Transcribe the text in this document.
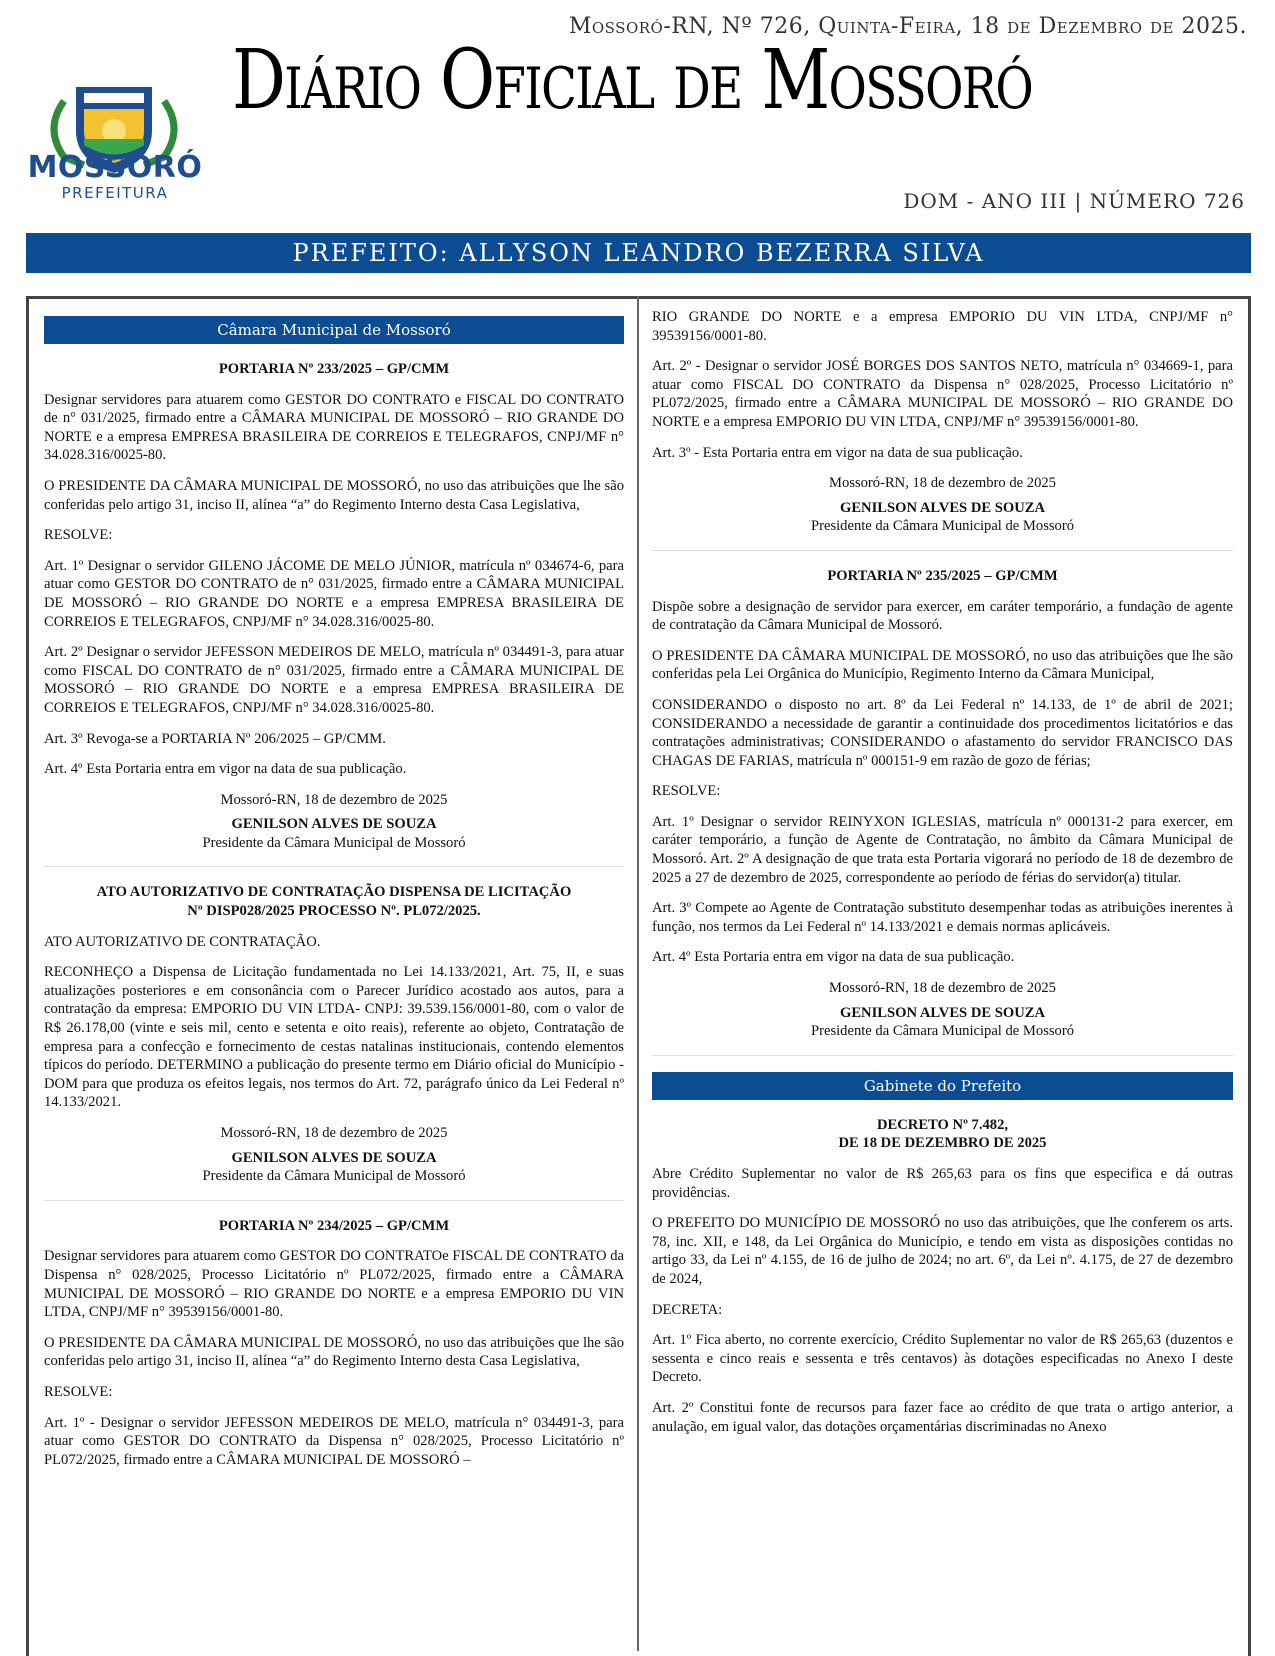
Mossoró-RN, Nº 726, Quinta-Feira, 18 de Dezembro de 2025.
MOSSORÓ
PREFEITURA
Diário Oficial de Mossoró
DOM - ANO III | NÚMERO 726
PREFEITO: ALLYSON LEANDRO BEZERRA SILVA
Câmara Municipal de Mossoró
PORTARIA Nº 233/2025 – GP/CMM
Designar servidores para atuarem como GESTOR DO CONTRATO e FISCAL DO CONTRATO de n° 031/2025, firmado entre a CÂMARA MUNICIPAL DE MOSSORÓ – RIO GRANDE DO NORTE e a empresa EMPRESA BRASILEIRA DE CORREIOS E TELEGRAFOS, CNPJ/MF n° 34.028.316/0025-80.
O PRESIDENTE DA CÂMARA MUNICIPAL DE MOSSORÓ, no uso das atribuições que lhe são conferidas pelo artigo 31, inciso II, alínea “a” do Regimento Interno desta Casa Legislativa,
RESOLVE:
Art. 1º Designar o servidor GILENO JÁCOME DE MELO JÚNIOR, matrícula nº 034674-6, para atuar como GESTOR DO CONTRATO de n° 031/2025, firmado entre a CÂMARA MUNICIPAL DE MOSSORÓ – RIO GRANDE DO NORTE e a empresa EMPRESA BRASILEIRA DE CORREIOS E TELEGRAFOS, CNPJ/MF n° 34.028.316/0025-80.
Art. 2º Designar o servidor JEFESSON MEDEIROS DE MELO, matrícula nº 034491-3, para atuar como FISCAL DO CONTRATO de n° 031/2025, firmado entre a CÂMARA MUNICIPAL DE MOSSORÓ – RIO GRANDE DO NORTE e a empresa EMPRESA BRASILEIRA DE CORREIOS E TELEGRAFOS, CNPJ/MF n° 34.028.316/0025-80.
Art. 3º Revoga-se a PORTARIA Nº 206/2025 – GP/CMM.
Art. 4º Esta Portaria entra em vigor na data de sua publicação.
Mossoró-RN, 18 de dezembro de 2025
GENILSON ALVES DE SOUZA
Presidente da Câmara Municipal de Mossoró
ATO AUTORIZATIVO DE CONTRATAÇÃO DISPENSA DE LICITAÇÃO
Nº DISP028/2025 PROCESSO Nº. PL072/2025.
ATO AUTORIZATIVO DE CONTRATAÇÃO.
RECONHEÇO a Dispensa de Licitação fundamentada no Lei 14.133/2021, Art. 75, II, e suas atualizações posteriores e em consonância com o Parecer Jurídico acostado aos autos, para a contratação da empresa: EMPORIO DU VIN LTDA- CNPJ: 39.539.156/0001-80, com o valor de R$ 26.178,00 (vinte e seis mil, cento e setenta e oito reais), referente ao objeto, Contratação de empresa para a confecção e fornecimento de cestas natalinas institucionais, contendo elementos típicos do período. DETERMINO a publicação do presente termo em Diário oficial do Município - DOM para que produza os efeitos legais, nos termos do Art. 72, parágrafo único da Lei Federal nº 14.133/2021.
Mossoró-RN, 18 de dezembro de 2025
GENILSON ALVES DE SOUZA
Presidente da Câmara Municipal de Mossoró
PORTARIA Nº 234/2025 – GP/CMM
Designar servidores para atuarem como GESTOR DO CONTRATOe FISCAL DE CONTRATO da Dispensa n° 028/2025, Processo Licitatório nº PL072/2025, firmado entre a CÂMARA MUNICIPAL DE MOSSORÓ – RIO GRANDE DO NORTE e a empresa EMPORIO DU VIN LTDA, CNPJ/MF n° 39539156/0001-80.
O PRESIDENTE DA CÂMARA MUNICIPAL DE MOSSORÓ, no uso das atribuições que lhe são conferidas pelo artigo 31, inciso II, alínea “a” do Regimento Interno desta Casa Legislativa,
RESOLVE:
Art. 1º - Designar o servidor JEFESSON MEDEIROS DE MELO, matrícula n° 034491-3, para atuar como GESTOR DO CONTRATO da Dispensa n° 028/2025, Processo Licitatório nº PL072/2025, firmado entre a CÂMARA MUNICIPAL DE MOSSORÓ –
RIO GRANDE DO NORTE e a empresa EMPORIO DU VIN LTDA, CNPJ/MF n° 39539156/0001-80.
Art. 2º - Designar o servidor JOSÉ BORGES DOS SANTOS NETO, matrícula n° 034669-1, para atuar como FISCAL DO CONTRATO da Dispensa n° 028/2025, Processo Licitatório nº PL072/2025, firmado entre a CÂMARA MUNICIPAL DE MOSSORÓ – RIO GRANDE DO NORTE e a empresa EMPORIO DU VIN LTDA, CNPJ/MF n° 39539156/0001-80.
Art. 3º - Esta Portaria entra em vigor na data de sua publicação.
Mossoró-RN, 18 de dezembro de 2025
GENILSON ALVES DE SOUZA
Presidente da Câmara Municipal de Mossoró
PORTARIA Nº 235/2025 – GP/CMM
Dispõe sobre a designação de servidor para exercer, em caráter temporário, a fundação de agente de contratação da Câmara Municipal de Mossoró.
O PRESIDENTE DA CÂMARA MUNICIPAL DE MOSSORÓ, no uso das atribuições que lhe são conferidas pela Lei Orgânica do Município, Regimento Interno da Câmara Municipal,
CONSIDERANDO o disposto no art. 8º da Lei Federal nº 14.133, de 1º de abril de 2021; CONSIDERANDO a necessidade de garantir a continuidade dos procedimentos licitatórios e das contratações administrativas; CONSIDERANDO o afastamento do servidor FRANCISCO DAS CHAGAS DE FARIAS, matrícula nº 000151-9 em razão de gozo de férias;
RESOLVE:
Art. 1º Designar o servidor REINYXON IGLESIAS, matrícula nº 000131-2 para exercer, em caráter temporário, a função de Agente de Contratação, no âmbito da Câmara Municipal de Mossoró. Art. 2º A designação de que trata esta Portaria vigorará no período de 18 de dezembro de 2025 a 27 de dezembro de 2025, correspondente ao período de férias do servidor(a) titular.
Art. 3º Compete ao Agente de Contratação substituto desempenhar todas as atribuições inerentes à função, nos termos da Lei Federal nº 14.133/2021 e demais normas aplicáveis.
Art. 4º Esta Portaria entra em vigor na data de sua publicação.
Mossoró-RN, 18 de dezembro de 2025
GENILSON ALVES DE SOUZA
Presidente da Câmara Municipal de Mossoró
Gabinete do Prefeito
DECRETO Nº 7.482,
DE 18 DE DEZEMBRO DE 2025
Abre Crédito Suplementar no valor de R$ 265,63 para os fins que especifica e dá outras providências.
O PREFEITO DO MUNICÍPIO DE MOSSORÓ no uso das atribuições, que lhe conferem os arts. 78, inc. XII, e 148, da Lei Orgânica do Município, e tendo em vista as disposições contidas no artigo 33, da Lei nº 4.155, de 16 de julho de 2024; no art. 6º, da Lei nº. 4.175, de 27 de dezembro de 2024,
DECRETA:
Art. 1º Fica aberto, no corrente exercício, Crédito Suplementar no valor de R$ 265,63 (duzentos e sessenta e cinco reais e sessenta e três centavos) às dotações especificadas no Anexo I deste Decreto.
Art. 2º Constitui fonte de recursos para fazer face ao crédito de que trata o artigo anterior, a anulação, em igual valor, das dotações orçamentárias discriminadas no Anexo
